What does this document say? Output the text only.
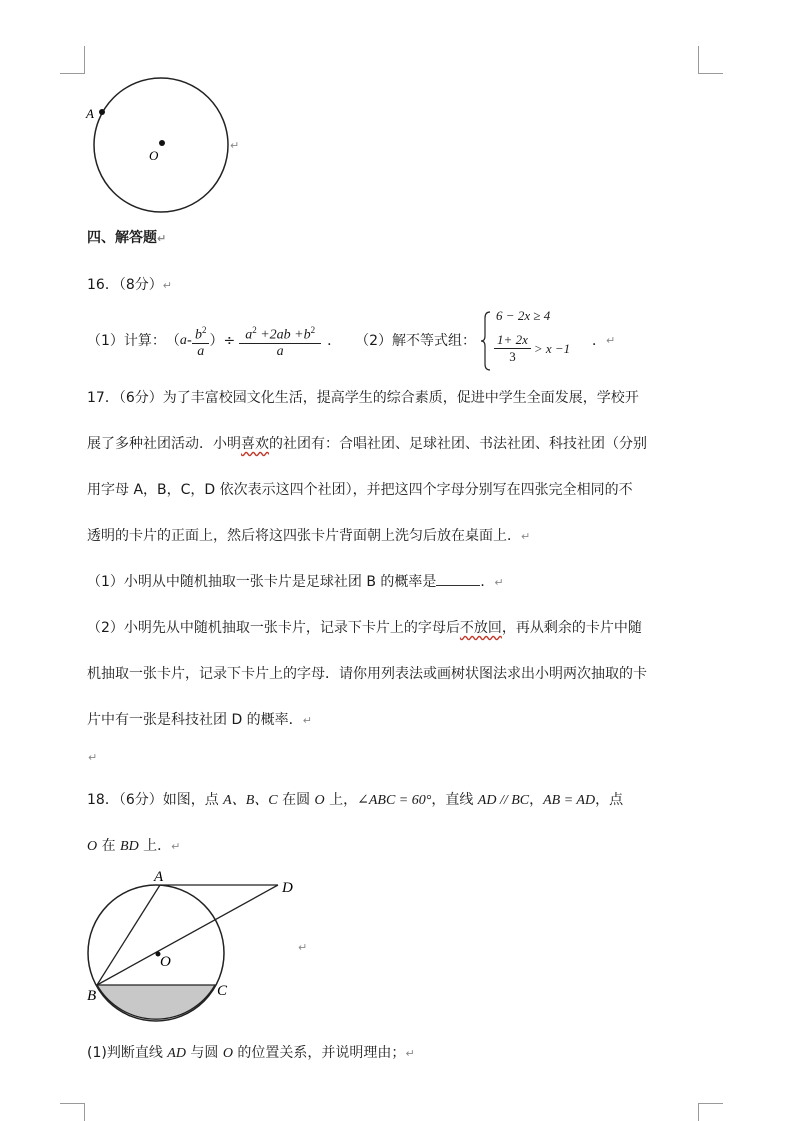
A
O
↵
四、解答题↵
16．（8分）↵
（1）计算： （ a - $\frac{b^2}{a}$ ）÷ $\frac{a^2 +2ab +b^2}{a}$ ． （2）解不等式组：
6 − 2x ≥ 4
$\frac{1+ 2x}{3} > x -1$ ． ↵
17．（6分）为了丰富校园文化生活，提高学生的综合素质，促进中学生全面发展，学校开
展了多种社团活动．小明喜欢的社团有：合唱社团、足球社团、书法社团、科技社团（分别
用字母 A，B，C，D 依次表示这四个社团），并把这四个字母分别写在四张完全相同的不
透明的卡片的正面上，然后将这四张卡片背面朝上洗匀后放在桌面上．↵
（1）小明从中随机抽取一张卡片是足球社团 B 的概率是	．↵
（2）小明先从中随机抽取一张卡片，记录下卡片上的字母后不放回，再从剩余的卡片中随
机抽取一张卡片，记录下卡片上的字母．请你用列表法或画树状图法求出小明两次抽取的卡
片中有一张是科技社团 D 的概率．↵
↵
18．（6分）如图，点 A、B、C 在圆 O 上，∠ABC = 60°，直线 AD // BC，AB = AD，点
O 在 BD 上．↵
A
B	C
D
O
↵
(1)判断直线 AD 与圆 O 的位置关系，并说明理由；↵
